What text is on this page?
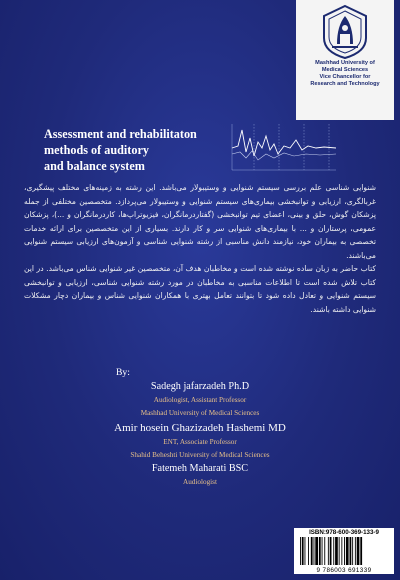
Mashhad University of
Medical Sciences
Vice Chancellor for
Research and Technology
Assessment and rehabilitaton
methods of auditory
and balance system

شنوایی شناسی علم بررسی سیستم شنوایی و وستیبولار می‌باشد. این رشته به زمینه‌های مختلف پیشگیری، غربالگری، ارزیابی و توانبخشی بیماری‌های سیستم شنوایی و وستیبولار می‌پردازد. متخصصین مختلفی از جمله پزشکان گوش، حلق و بینی، اعضای تیم توانبخشی (گفتاردرمانگران، فیزیوتراپ‌ها، کاردرمانگران و ...)، پزشکان عمومی، پرستاران و ... با بیماری‌های شنوایی سر و کار دارند. بسیاری از این متخصصین برای ارائه خدمات تخصصی به بیماران خود، نیازمند دانش مناسبی از رشته شنوایی شناسی و آزمون‌های ارزیابی سیستم شنوایی می‌باشند.

کتاب حاضر به زبان ساده نوشته شده است و مخاطبان هدف آن، متخصصین غیر شنوایی شناس می‌باشد. در این کتاب تلاش شده است تا اطلاعات مناسبی به مخاطبان در مورد رشته شنوایی شناسی، ارزیابی و توانبخشی سیستم شنوایی و تعادل داده شود تا بتوانند تعامل بهتری با همکاران شنوایی شناس و بیماران دچار مشکلات شنوایی داشته باشند.

By:
Sadegh jafarzadeh Ph.D
Audiologist, Assistant Professor
Mashhad University of Medical Sciences
Amir hosein Ghazizadeh Hashemi MD
ENT, Associate Professor
Shahid Beheshti University of Medical Sciences
Fatemeh Maharati BSC
Audiologist
ISBN:978-600-369-133-9
9 786003 691339
